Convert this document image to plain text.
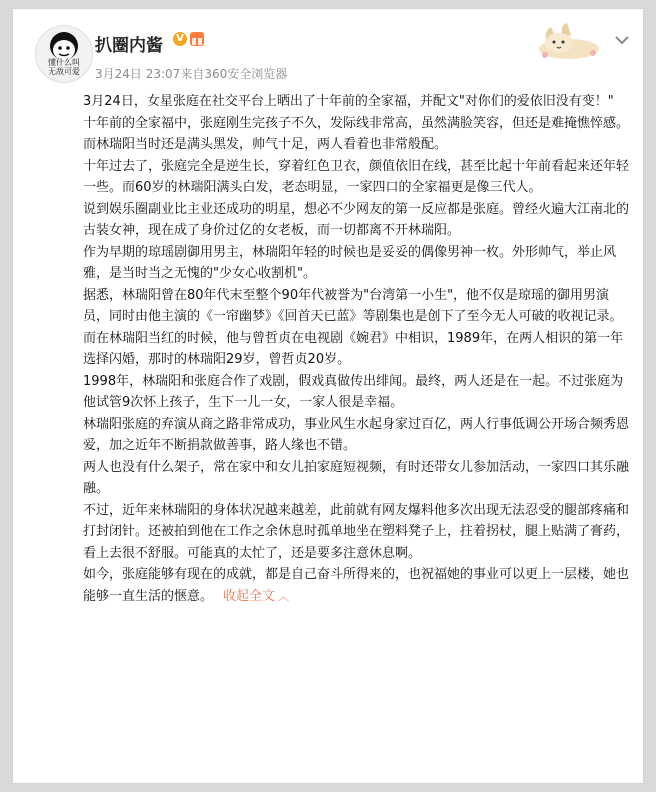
懂什么叫
无敌可爱
扒圈内酱	V
3月24日 23:07来自360安全浏览器

3月24日，女星张庭在社交平台上晒出了十年前的全家福，并配文"对你们的爱依旧没有变！"

十年前的全家福中，张庭刚生完孩子不久，发际线非常高，虽然满脸笑容，但还是难掩憔悴感。而林瑞阳当时还是满头黑发，帅气十足，两人看着也非常般配。

十年过去了，张庭完全是逆生长，穿着红色卫衣，颜值依旧在线，甚至比起十年前看起来还年轻一些。而60岁的林瑞阳满头白发，老态明显，一家四口的全家福更是像三代人。

说到娱乐圈副业比主业还成功的明星，想必不少网友的第一反应都是张庭。曾经火遍大江南北的古装女神，现在成了身价过亿的女老板，而一切都离不开林瑞阳。

作为早期的琼瑶剧御用男主，林瑞阳年轻的时候也是妥妥的偶像男神一枚。外形帅气，举止风雅，是当时当之无愧的"少女心收割机"。

据悉，林瑞阳曾在80年代末至整个90年代被誉为"台湾第一小生"，他不仅是琼瑶的御用男演员，同时由他主演的《一帘幽梦》《回首天已蓝》等剧集也是创下了至今无人可破的收视记录。

而在林瑞阳当红的时候，他与曾哲贞在电视剧《婉君》中相识，1989年，在两人相识的第一年选择闪婚，那时的林瑞阳29岁，曾哲贞20岁。

1998年，林瑞阳和张庭合作了戏剧，假戏真做传出绯闻。最终，两人还是在一起。不过张庭为他试管9次怀上孩子，生下一儿一女，一家人很是幸福。

林瑞阳张庭的弃演从商之路非常成功，事业风生水起身家过百亿，两人行事低调公开场合频秀恩爱，加之近年不断捐款做善事，路人缘也不错。

两人也没有什么架子，常在家中和女儿拍家庭短视频，有时还带女儿参加活动，一家四口其乐融融。

不过，近年来林瑞阳的身体状况越来越差，此前就有网友爆料他多次出现无法忍受的腿部疼痛和打封闭针。还被拍到他在工作之余休息时孤单地坐在塑料凳子上，拄着拐杖，腿上贴满了膏药，看上去很不舒服。可能真的太忙了，还是要多注意休息啊。

如今，张庭能够有现在的成就，都是自己奋斗所得来的，也祝福她的事业可以更上一层楼，她也能够一直生活的惬意。 收起全文 ︿
